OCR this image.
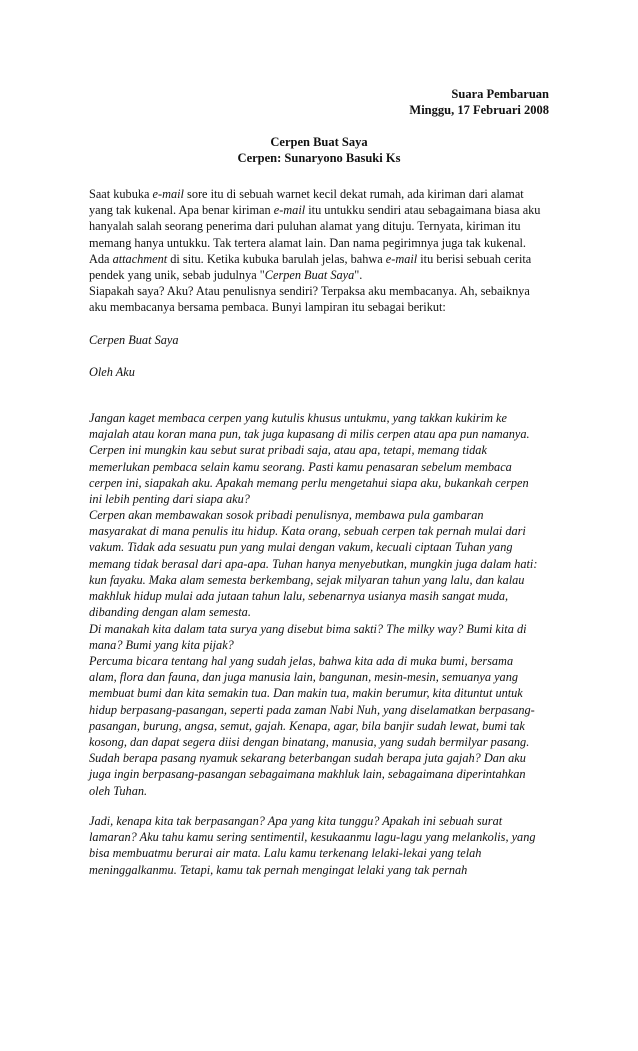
Suara Pembaruan
Minggu, 17 Februari 2008
Cerpen Buat Saya
Cerpen: Sunaryono Basuki Ks
Saat kubuka e-mail sore itu di sebuah warnet kecil dekat rumah, ada kiriman dari alamat
yang tak kukenal. Apa benar kiriman e-mail itu untukku sendiri atau sebagaimana biasa aku
hanyalah salah seorang penerima dari puluhan alamat yang dituju. Ternyata, kiriman itu
memang hanya untukku. Tak tertera alamat lain. Dan nama pegirimnya juga tak kukenal.
Ada attachment di situ. Ketika kubuka barulah jelas, bahwa e-mail itu berisi sebuah cerita
pendek yang unik, sebab judulnya "Cerpen Buat Saya".
Siapakah saya? Aku? Atau penulisnya sendiri? Terpaksa aku membacanya. Ah, sebaiknya
aku membacanya bersama pembaca. Bunyi lampiran itu sebagai berikut:
Cerpen Buat Saya
Oleh Aku
Jangan kaget membaca cerpen yang kutulis khusus untukmu, yang takkan kukirim ke
majalah atau koran mana pun, tak juga kupasang di milis cerpen atau apa pun namanya.
Cerpen ini mungkin kau sebut surat pribadi saja, atau apa, tetapi, memang tidak
memerlukan pembaca selain kamu seorang. Pasti kamu penasaran sebelum membaca
cerpen ini, siapakah aku. Apakah memang perlu mengetahui siapa aku, bukankah cerpen
ini lebih penting dari siapa aku?
Cerpen akan membawakan sosok pribadi penulisnya, membawa pula gambaran
masyarakat di mana penulis itu hidup. Kata orang, sebuah cerpen tak pernah mulai dari
vakum. Tidak ada sesuatu pun yang mulai dengan vakum, kecuali ciptaan Tuhan yang
memang tidak berasal dari apa-apa. Tuhan hanya menyebutkan, mungkin juga dalam hati:
kun fayaku. Maka alam semesta berkembang, sejak milyaran tahun yang lalu, dan kalau
makhluk hidup mulai ada jutaan tahun lalu, sebenarnya usianya masih sangat muda,
dibanding dengan alam semesta.
Di manakah kita dalam tata surya yang disebut bima sakti? The milky way? Bumi kita di
mana? Bumi yang kita pijak?
Percuma bicara tentang hal yang sudah jelas, bahwa kita ada di muka bumi, bersama
alam, flora dan fauna, dan juga manusia lain, bangunan, mesin-mesin, semuanya yang
membuat bumi dan kita semakin tua. Dan makin tua, makin berumur, kita dituntut untuk
hidup berpasang-pasangan, seperti pada zaman Nabi Nuh, yang diselamatkan berpasang-
pasangan, burung, angsa, semut, gajah. Kenapa, agar, bila banjir sudah lewat, bumi tak
kosong, dan dapat segera diisi dengan binatang, manusia, yang sudah bermilyar pasang.
Sudah berapa pasang nyamuk sekarang beterbangan sudah berapa juta gajah? Dan aku
juga ingin berpasang-pasangan sebagaimana makhluk lain, sebagaimana diperintahkan
oleh Tuhan.
Jadi, kenapa kita tak berpasangan? Apa yang kita tunggu? Apakah ini sebuah surat
lamaran? Aku tahu kamu sering sentimentil, kesukaanmu lagu-lagu yang melankolis, yang
bisa membuatmu berurai air mata. Lalu kamu terkenang lelaki-lekai yang telah
meninggalkanmu. Tetapi, kamu tak pernah mengingat lelaki yang tak pernah
